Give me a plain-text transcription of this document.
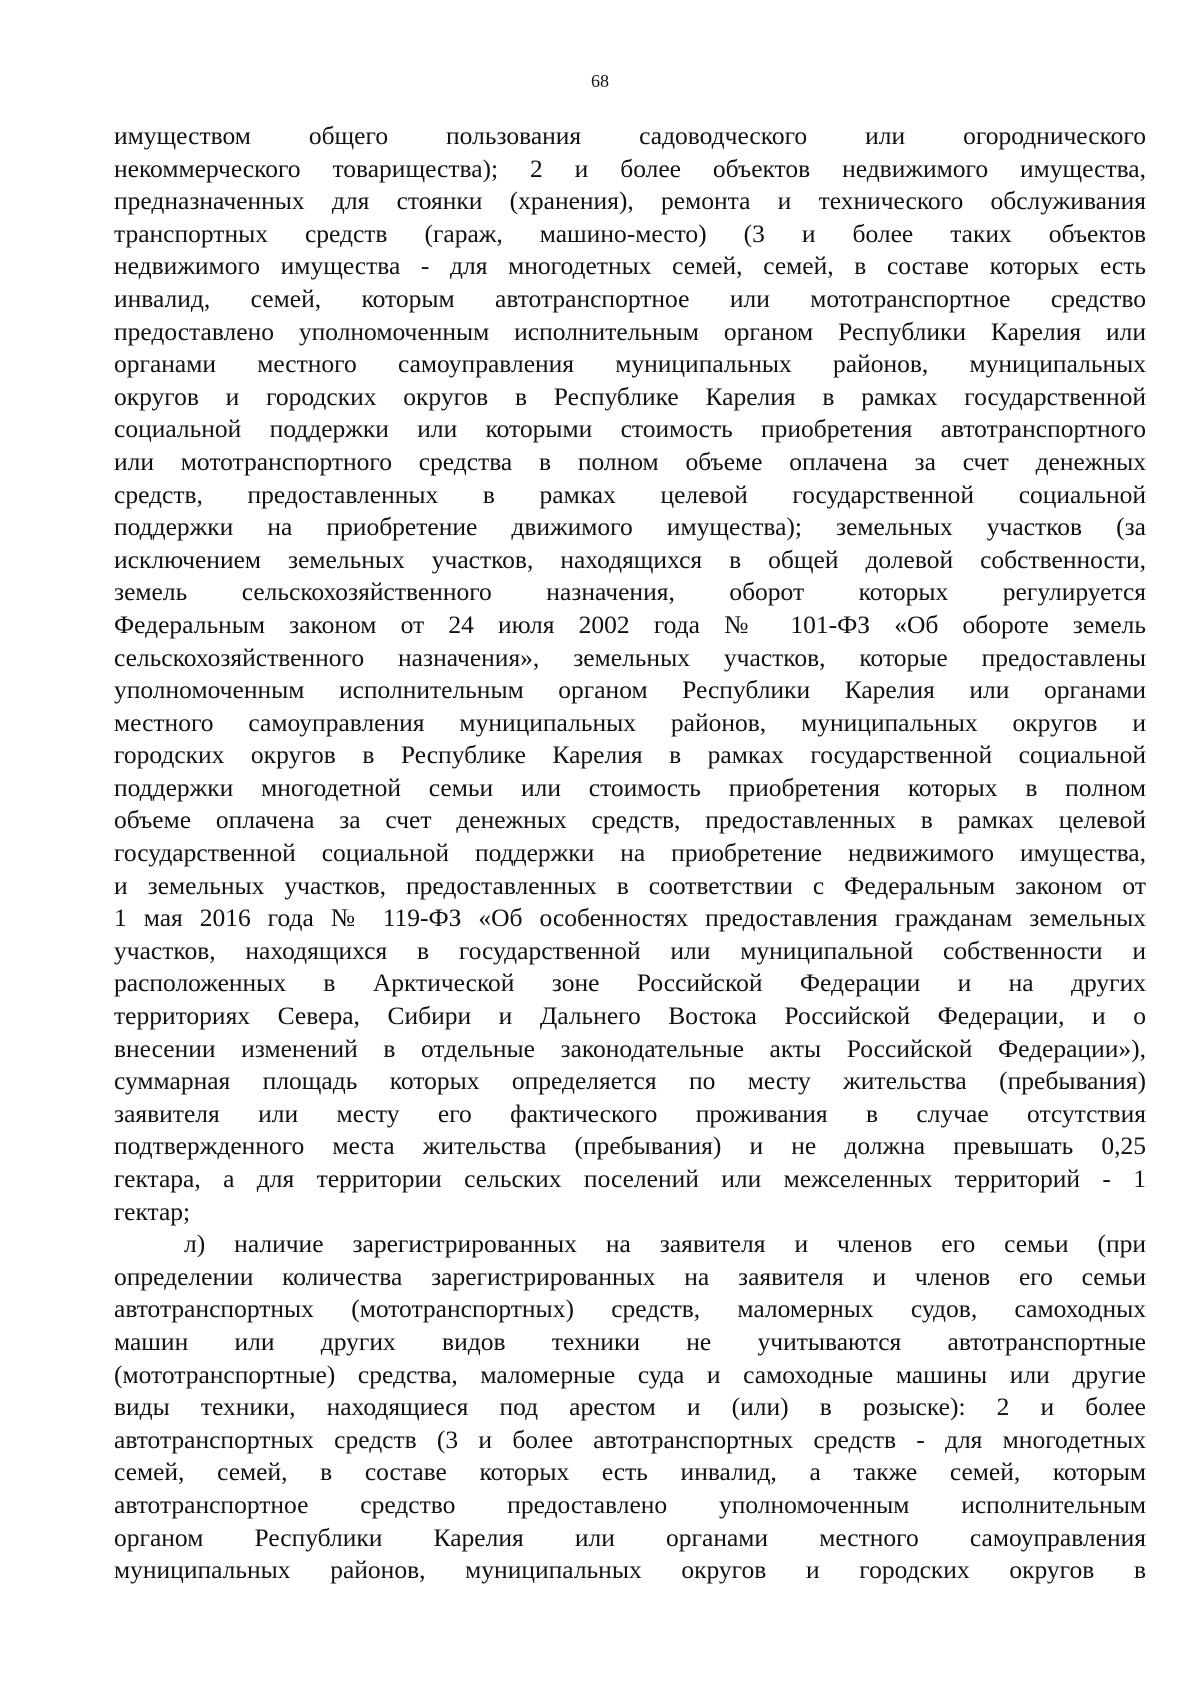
68
имуществом общего пользования садоводческого или огороднического
некоммерческого товарищества); 2 и более объектов недвижимого имущества,
предназначенных для стоянки (хранения), ремонта и технического обслуживания
транспортных средств (гараж, машино-место) (3 и более таких объектов
недвижимого имущества - для многодетных семей, семей, в составе которых есть
инвалид, семей, которым автотранспортное или мототранспортное средство
предоставлено уполномоченным исполнительным органом Республики Карелия или
органами местного самоуправления муниципальных районов, муниципальных
округов и городских округов в Республике Карелия в рамках государственной
социальной поддержки или которыми стоимость приобретения автотранспортного
или мототранспортного средства в полном объеме оплачена за счет денежных
средств, предоставленных в рамках целевой государственной социальной
поддержки на приобретение движимого имущества); земельных участков (за
исключением земельных участков, находящихся в общей долевой собственности,
земель сельскохозяйственного назначения, оборот которых регулируется
Федеральным законом от 24 июля 2002 года № 101-ФЗ «Об обороте земель
сельскохозяйственного назначения», земельных участков, которые предоставлены
уполномоченным исполнительным органом Республики Карелия или органами
местного самоуправления муниципальных районов, муниципальных округов и
городских округов в Республике Карелия в рамках государственной социальной
поддержки многодетной семьи или стоимость приобретения которых в полном
объеме оплачена за счет денежных средств, предоставленных в рамках целевой
государственной социальной поддержки на приобретение недвижимого имущества,
и земельных участков, предоставленных в соответствии с Федеральным законом от
1 мая 2016 года № 119-ФЗ «Об особенностях предоставления гражданам земельных
участков, находящихся в государственной или муниципальной собственности и
расположенных в Арктической зоне Российской Федерации и на других
территориях Севера, Сибири и Дальнего Востока Российской Федерации, и о
внесении изменений в отдельные законодательные акты Российской Федерации»),
суммарная площадь которых определяется по месту жительства (пребывания)
заявителя или месту его фактического проживания в случае отсутствия
подтвержденного места жительства (пребывания) и не должна превышать 0,25
гектара, а для территории сельских поселений или межселенных территорий - 1
гектар;
л) наличие зарегистрированных на заявителя и членов его семьи (при
определении количества зарегистрированных на заявителя и членов его семьи
автотранспортных (мототранспортных) средств, маломерных судов, самоходных
машин или других видов техники не учитываются автотранспортные
(мототранспортные) средства, маломерные суда и самоходные машины или другие
виды техники, находящиеся под арестом и (или) в розыске): 2 и более
автотранспортных средств (3 и более автотранспортных средств - для многодетных
семей, семей, в составе которых есть инвалид, а также семей, которым
автотранспортное средство предоставлено уполномоченным исполнительным
органом Республики Карелия или органами местного самоуправления
муниципальных районов, муниципальных округов и городских округов в
